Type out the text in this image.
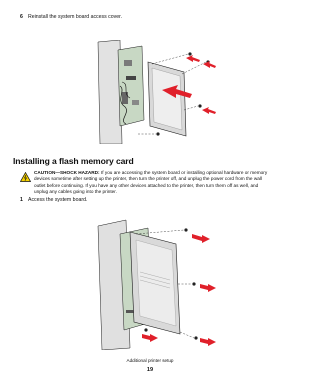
6 Reinstall the system board access cover.
Installing a flash memory card
CAUTION—SHOCK HAZARD: If you are accessing the system board or installing optional hardware or memory
devices sometime after setting up the printer, then turn the printer off, and unplug the power cord from the wall
outlet before continuing. If you have any other devices attached to the printer, then turn them off as well, and
unplug any cables going into the printer.
1 Access the system board.
Additional printer setup
19
